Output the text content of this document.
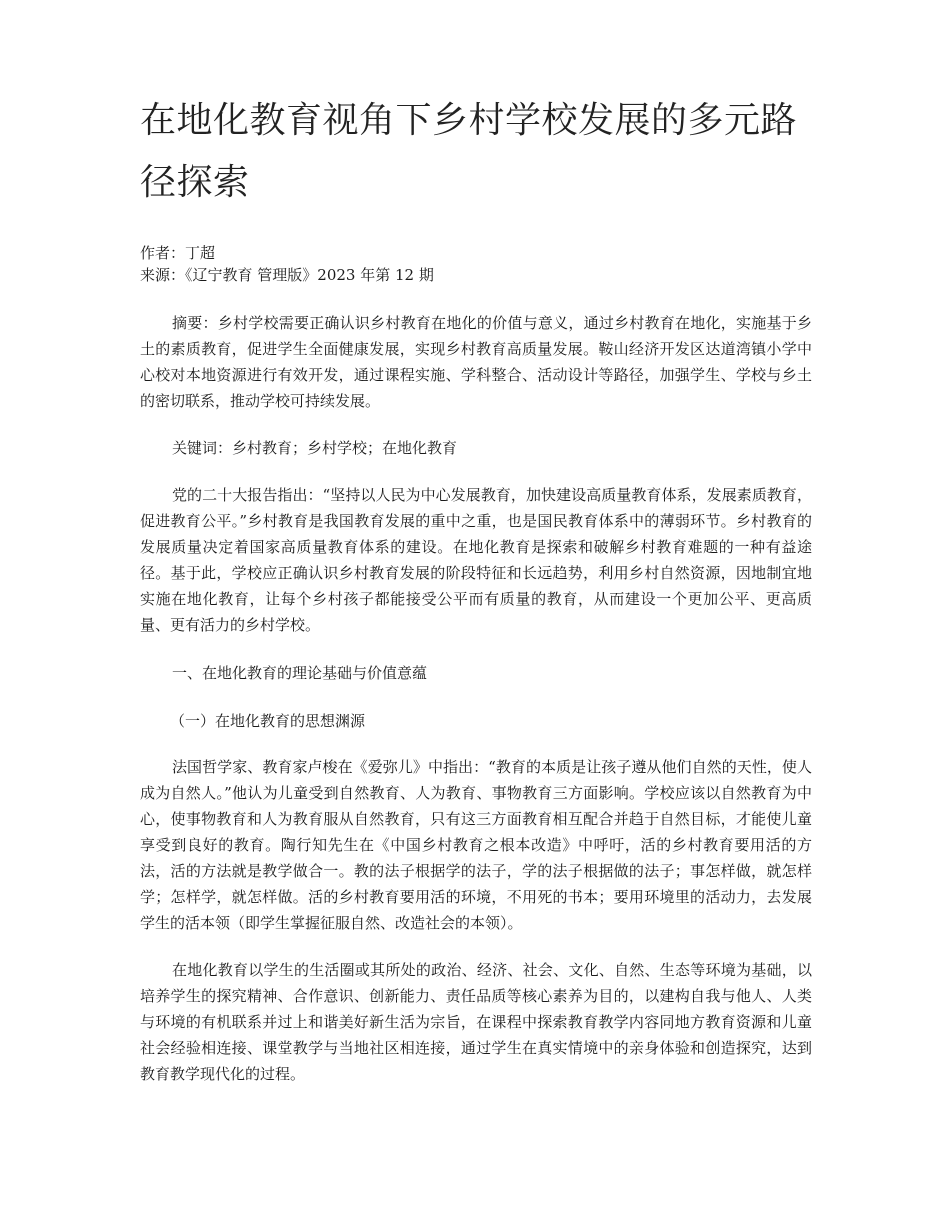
在地化教育视角下乡村学校发展的多元路径探索
作者：丁超
来源：《辽宁教育 管理版》2023 年第 12 期

摘要：乡村学校需要正确认识乡村教育在地化的价值与意义，通过乡村教育在地化，实施基于乡土的素质教育，促进学生全面健康发展，实现乡村教育高质量发展。鞍山经济开发区达道湾镇小学中心校对本地资源进行有效开发，通过课程实施、学科整合、活动设计等路径，加强学生、学校与乡土的密切联系，推动学校可持续发展。

关键词：乡村教育；乡村学校；在地化教育

党的二十大报告指出：“坚持以人民为中心发展教育，加快建设高质量教育体系，发展素质教育，促进教育公平。”乡村教育是我国教育发展的重中之重，也是国民教育体系中的薄弱环节。乡村教育的发展质量决定着国家高质量教育体系的建设。在地化教育是探索和破解乡村教育难题的一种有益途径。基于此，学校应正确认识乡村教育发展的阶段特征和长远趋势，利用乡村自然资源，因地制宜地实施在地化教育，让每个乡村孩子都能接受公平而有质量的教育，从而建设一个更加公平、更高质量、更有活力的乡村学校。

一、在地化教育的理论基础与价值意蕴

（一）在地化教育的思想渊源

法国哲学家、教育家卢梭在《爱弥儿》中指出：“教育的本质是让孩子遵从他们自然的天性，使人成为自然人。”他认为儿童受到自然教育、人为教育、事物教育三方面影响。学校应该以自然教育为中心，使事物教育和人为教育服从自然教育，只有这三方面教育相互配合并趋于自然目标，才能使儿童享受到良好的教育。陶行知先生在《中国乡村教育之根本改造》中呼吁，活的乡村教育要用活的方法，活的方法就是教学做合一。教的法子根据学的法子，学的法子根据做的法子；事怎样做，就怎样学；怎样学，就怎样做。活的乡村教育要用活的环境，不用死的书本；要用环境里的活动力，去发展学生的活本领（即学生掌握征服自然、改造社会的本领）。

在地化教育以学生的生活圈或其所处的政治、经济、社会、文化、自然、生态等环境为基础，以培养学生的探究精神、合作意识、创新能力、责任品质等核心素养为目的，以建构自我与他人、人类与环境的有机联系并过上和谐美好新生活为宗旨，在课程中探索教育教学内容同地方教育资源和儿童社会经验相连接、课堂教学与当地社区相连接，通过学生在真实情境中的亲身体验和创造探究，达到教育教学现代化的过程。
